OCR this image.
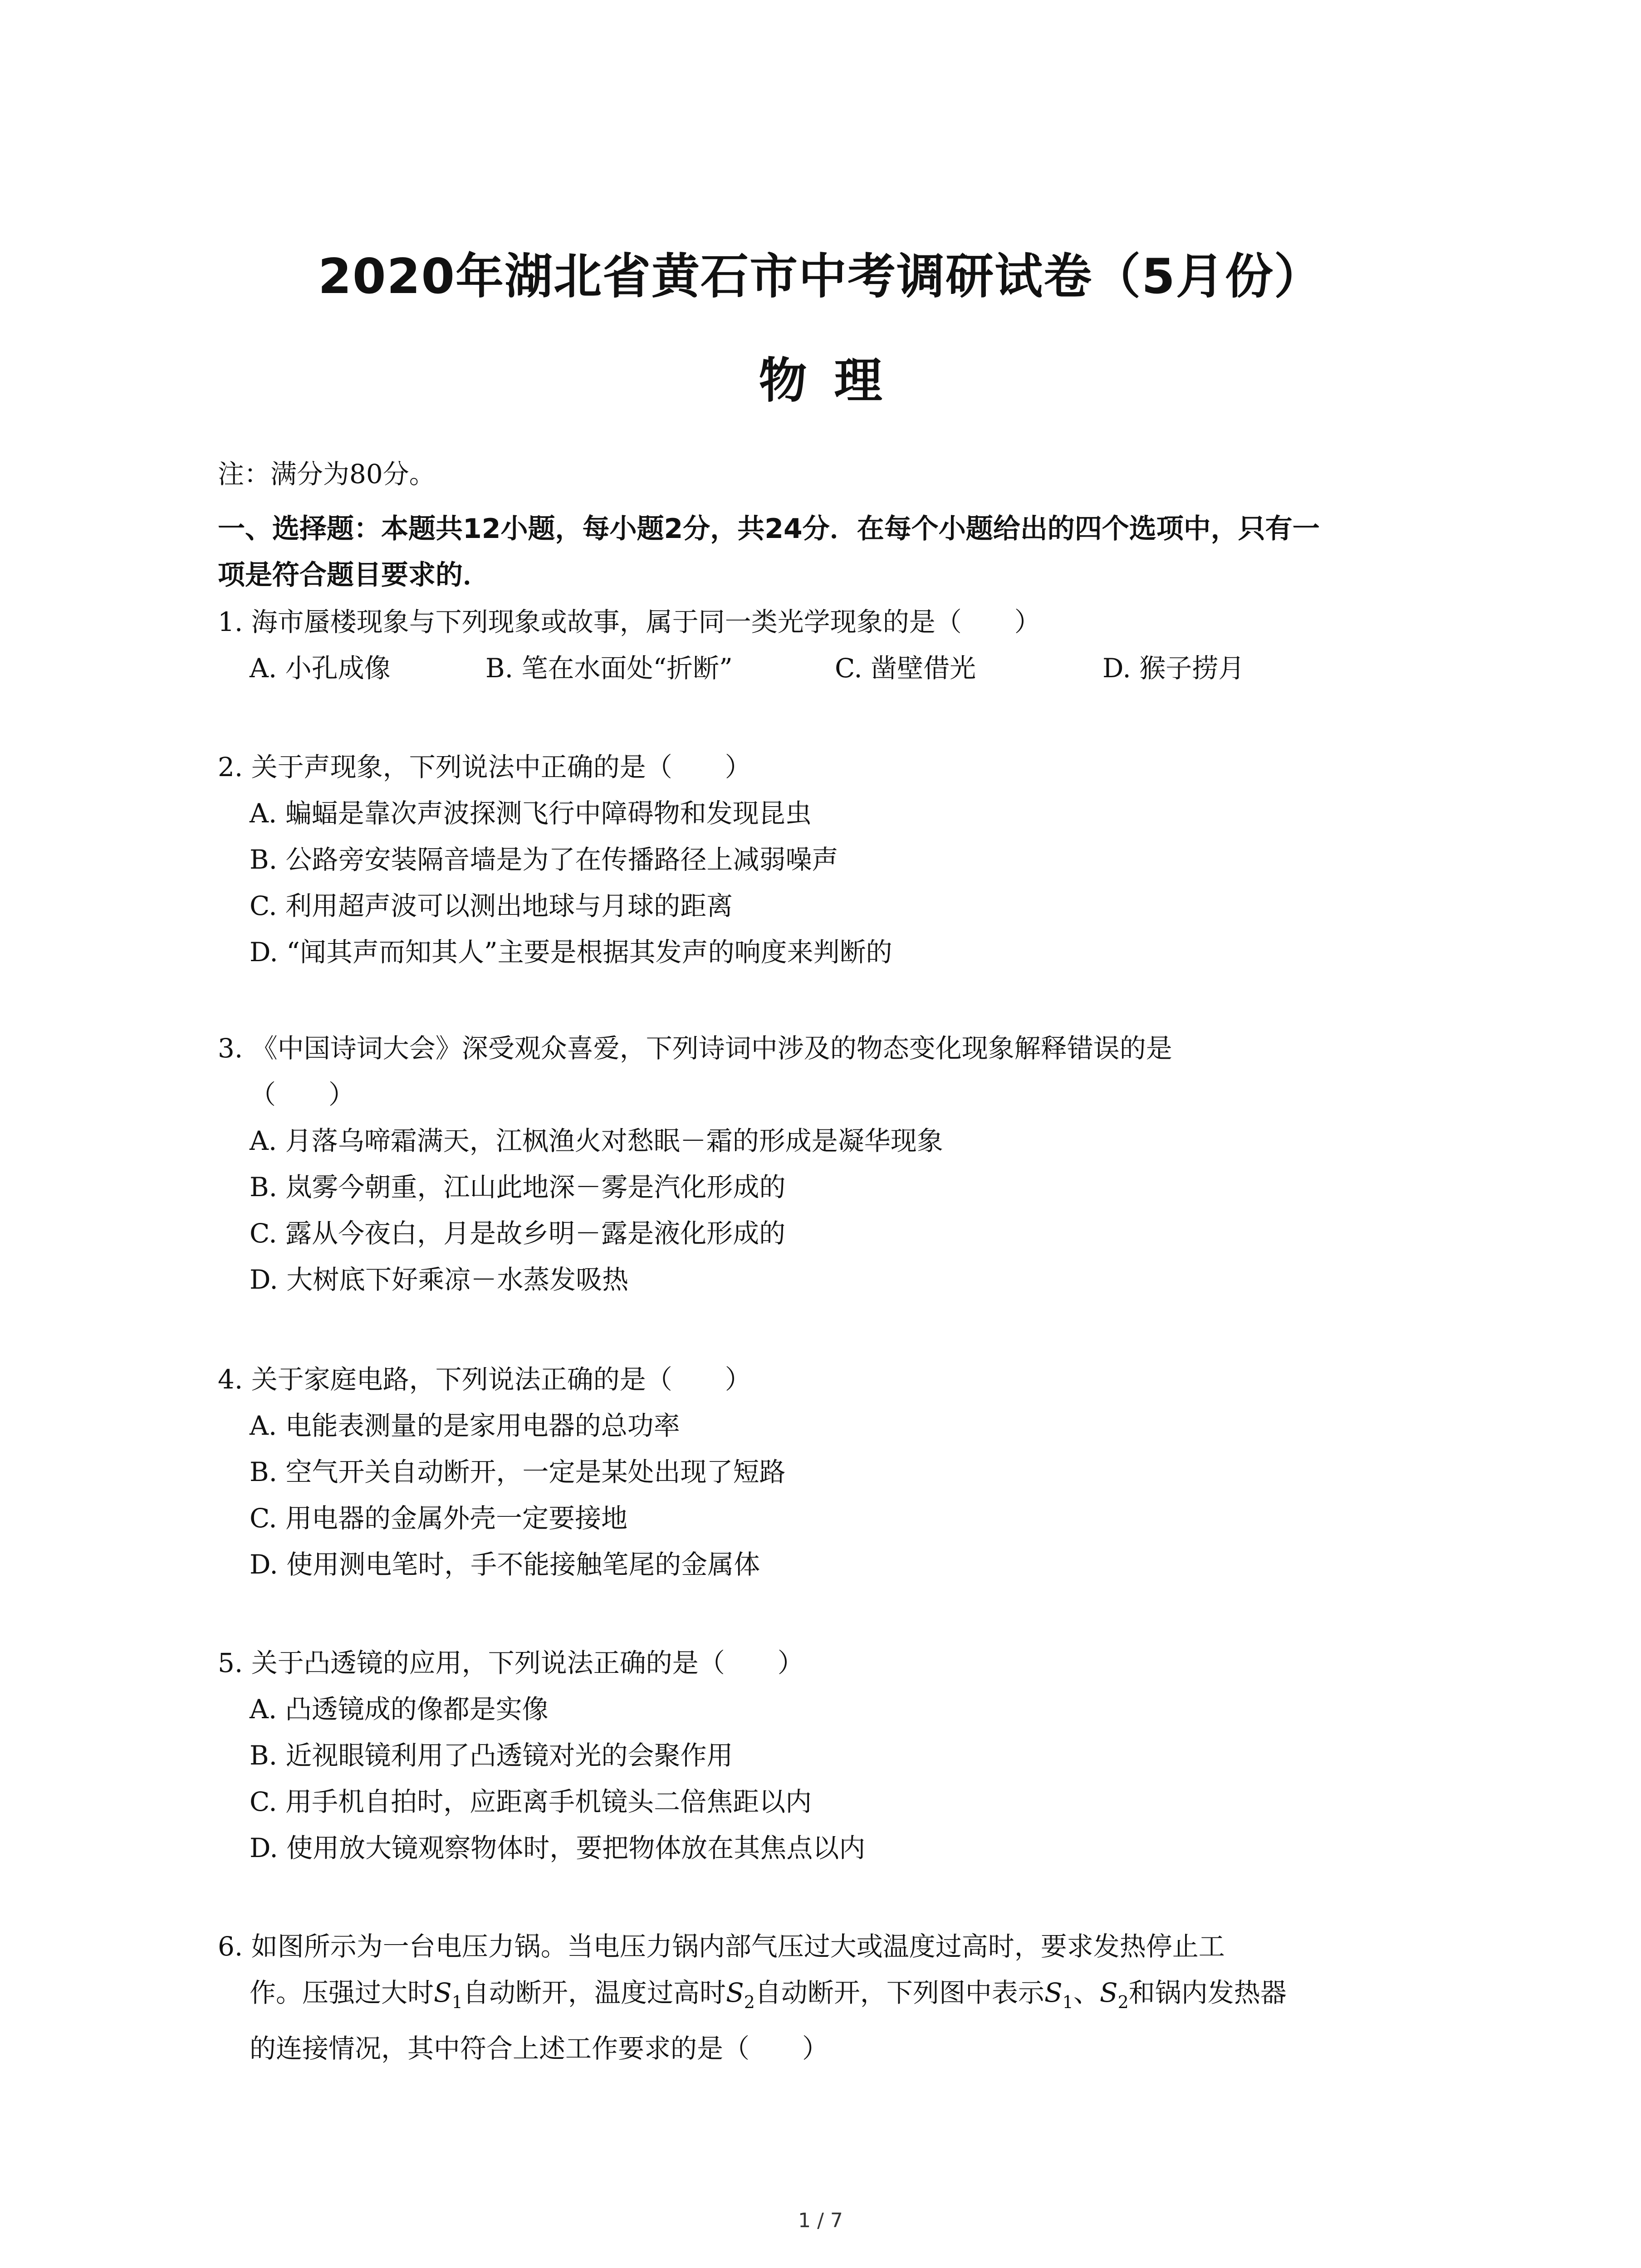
2020年湖北省黄石市中考调研试卷（5月份）
物理
注：满分为80分。
一、选择题：本题共12小题，每小题2分，共24分．在每个小题给出的四个选项中，只有一
项是符合题目要求的．

1. 海市蜃楼现象与下列现象或故事，属于同一类光学现象的是（　　）

A. 小孔成像	B. 笔在水面处“折断”	C. 凿壁借光	D. 猴子捞月

2. 关于声现象，下列说法中正确的是（　　）

A. 蝙蝠是靠次声波探测飞行中障碍物和发现昆虫

B. 公路旁安装隔音墙是为了在传播路径上减弱噪声

C. 利用超声波可以测出地球与月球的距离

D. “闻其声而知其人”主要是根据其发声的响度来判断的

3. 《中国诗词大会》深受观众喜爱，下列诗词中涉及的物态变化现象解释错误的是

（　　）

A. 月落乌啼霜满天，江枫渔火对愁眠－霜的形成是凝华现象

B. 岚雾今朝重，江山此地深－雾是汽化形成的

C. 露从今夜白，月是故乡明－露是液化形成的

D. 大树底下好乘凉－水蒸发吸热

4. 关于家庭电路，下列说法正确的是（　　）

A. 电能表测量的是家用电器的总功率

B. 空气开关自动断开，一定是某处出现了短路

C. 用电器的金属外壳一定要接地

D. 使用测电笔时，手不能接触笔尾的金属体

5. 关于凸透镜的应用，下列说法正确的是（　　）

A. 凸透镜成的像都是实像

B. 近视眼镜利用了凸透镜对光的会聚作用

C. 用手机自拍时，应距离手机镜头二倍焦距以内

D. 使用放大镜观察物体时，要把物体放在其焦点以内

6. 如图所示为一台电压力锅。当电压力锅内部气压过大或温度过高时，要求发热停止工

作。压强过大时$S_1$自动断开，温度过高时$S_2$自动断开，下列图中表示$S_1$、$S_2$和锅内发热器

的连接情况，其中符合上述工作要求的是（　　）

1 / 7
